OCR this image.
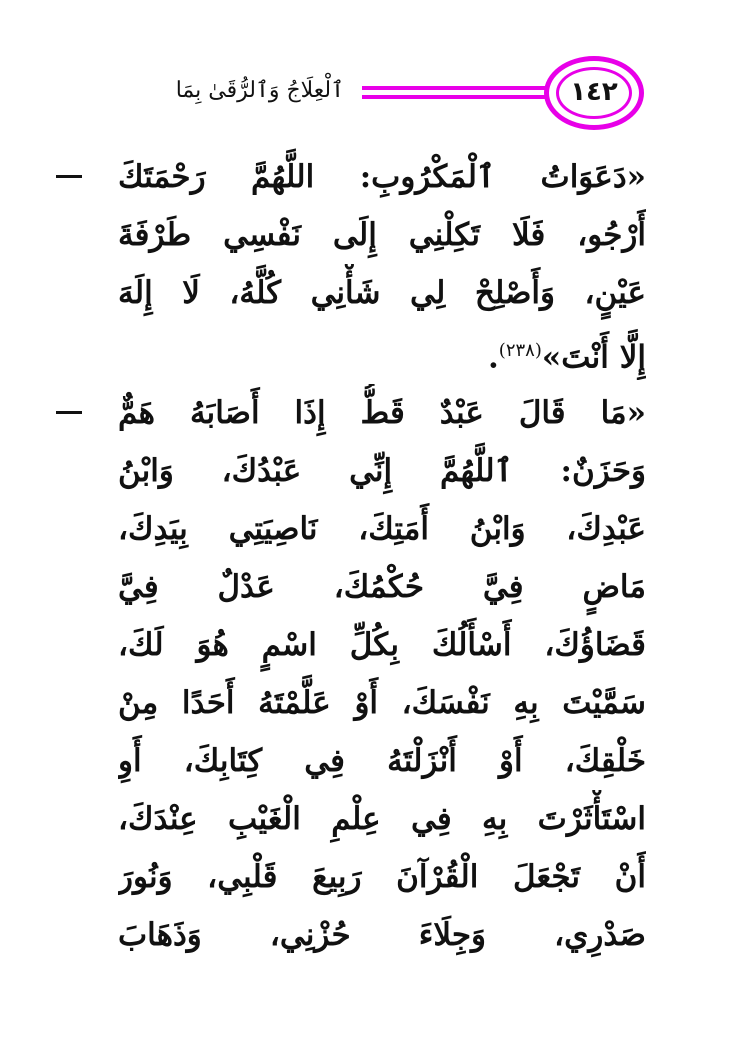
١٤٢
ٱلْعِلَاجُ وَٱلرُّقَىٰ بِمَا
«دَعَوَاتُ ٱلْمَكْرُوبِ: اللَّهُمَّ رَحْمَتَكَ
أَرْجُو، فَلَا تَكِلْنِي إِلَى نَفْسِي طَرْفَةَ
عَيْنٍ، وَأَصْلِحْ لِي شَأْنِي كُلَّهُ، لَا إِلَهَ
إِلَّا أَنْتَ»$^{(٢٣٨)}$.
«مَا قَالَ عَبْدٌ قَطُّ إِذَا أَصَابَهُ هَمٌّ
وَحَزَنٌ: ٱللَّهُمَّ إِنِّي عَبْدُكَ، وَابْنُ
عَبْدِكَ، وَابْنُ أَمَتِكَ، نَاصِيَتِي بِيَدِكَ،
مَاضٍ فِيَّ حُكْمُكَ، عَدْلٌ فِيَّ
قَضَاؤُكَ، أَسْأَلُكَ بِكُلِّ اسْمٍ هُوَ لَكَ،
سَمَّيْتَ بِهِ نَفْسَكَ، أَوْ عَلَّمْتَهُ أَحَدًا مِنْ
خَلْقِكَ، أَوْ أَنْزَلْتَهُ فِي كِتَابِكَ، أَوِ
اسْتَأْثَرْتَ بِهِ فِي عِلْمِ الْغَيْبِ عِنْدَكَ،
أَنْ تَجْعَلَ الْقُرْآنَ رَبِيعَ قَلْبِي، وَنُورَ
صَدْرِي، وَجِلَاءَ حُزْنِي، وَذَهَابَ
